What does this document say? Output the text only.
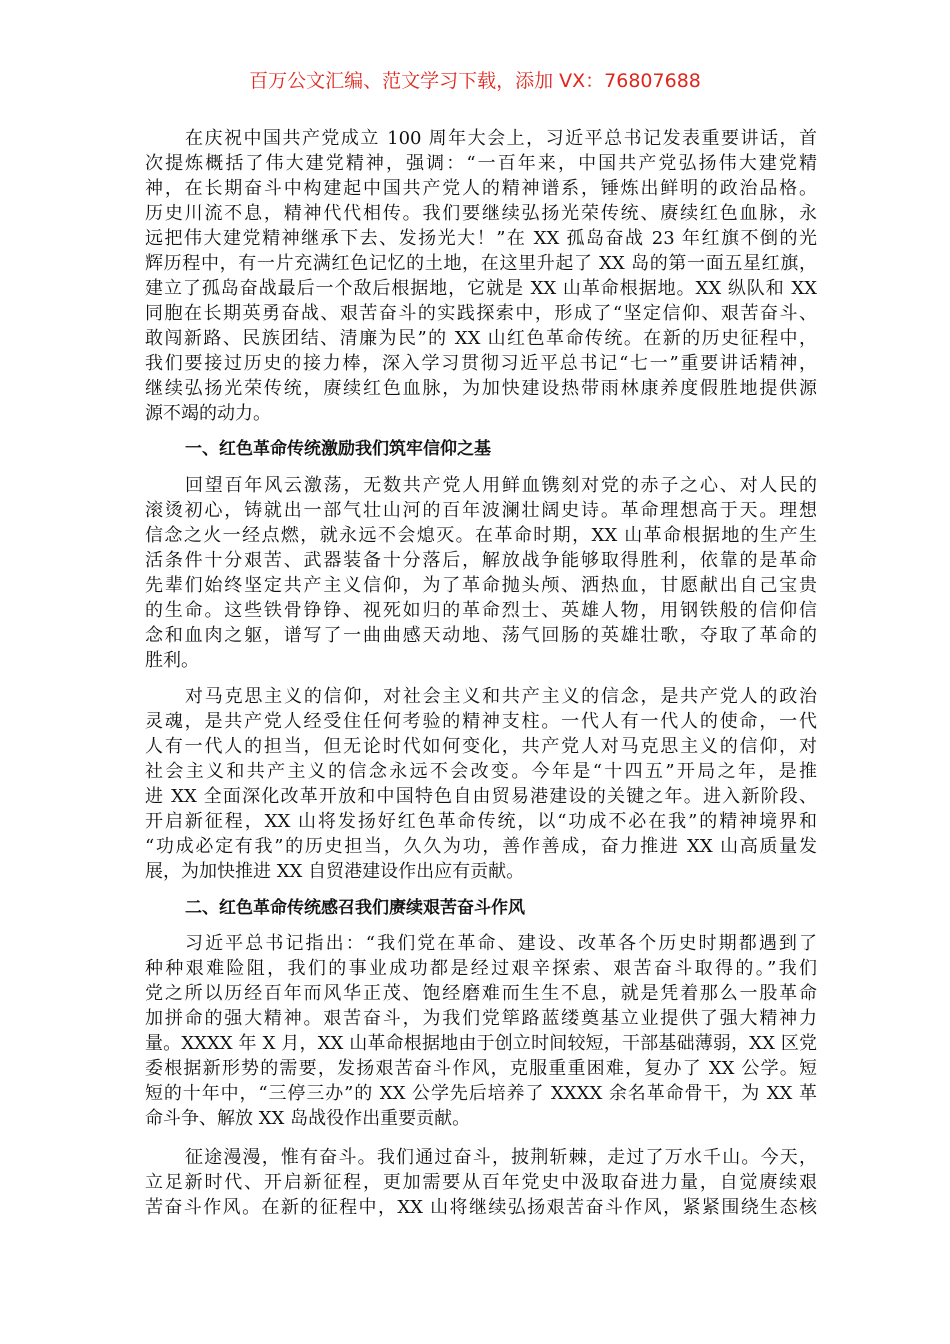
百万公文汇编、范文学习下载，添加 VX：76807688
在庆祝中国共产党成立 100 周年大会上，习近平总书记发表重要讲话，首
次提炼概括了伟大建党精神，强调：“一百年来，中国共产党弘扬伟大建党精
神，在长期奋斗中构建起中国共产党人的精神谱系，锤炼出鲜明的政治品格。
历史川流不息，精神代代相传。我们要继续弘扬光荣传统、赓续红色血脉，永
远把伟大建党精神继承下去、发扬光大！”在 XX 孤岛奋战 23 年红旗不倒的光
辉历程中，有一片充满红色记忆的土地，在这里升起了 XX 岛的第一面五星红旗，
建立了孤岛奋战最后一个敌后根据地，它就是 XX 山革命根据地。XX 纵队和 XX
同胞在长期英勇奋战、艰苦奋斗的实践探索中，形成了“坚定信仰、艰苦奋斗、
敢闯新路、民族团结、清廉为民”的 XX 山红色革命传统。在新的历史征程中，
我们要接过历史的接力棒，深入学习贯彻习近平总书记“七一”重要讲话精神，
继续弘扬光荣传统，赓续红色血脉，为加快建设热带雨林康养度假胜地提供源
源不竭的动力。
一、红色革命传统激励我们筑牢信仰之基
回望百年风云激荡，无数共产党人用鲜血镌刻对党的赤子之心、对人民的
滚烫初心，铸就出一部气壮山河的百年波澜壮阔史诗。革命理想高于天。理想
信念之火一经点燃，就永远不会熄灭。在革命时期，XX 山革命根据地的生产生
活条件十分艰苦、武器装备十分落后，解放战争能够取得胜利，依靠的是革命
先辈们始终坚定共产主义信仰，为了革命抛头颅、洒热血，甘愿献出自己宝贵
的生命。这些铁骨铮铮、视死如归的革命烈士、英雄人物，用钢铁般的信仰信
念和血肉之躯，谱写了一曲曲感天动地、荡气回肠的英雄壮歌，夺取了革命的
胜利。
对马克思主义的信仰，对社会主义和共产主义的信念，是共产党人的政治
灵魂，是共产党人经受住任何考验的精神支柱。一代人有一代人的使命，一代
人有一代人的担当，但无论时代如何变化，共产党人对马克思主义的信仰，对
社会主义和共产主义的信念永远不会改变。今年是“十四五”开局之年，是推
进 XX 全面深化改革开放和中国特色自由贸易港建设的关键之年。进入新阶段、
开启新征程，XX 山将发扬好红色革命传统，以“功成不必在我”的精神境界和
“功成必定有我”的历史担当，久久为功，善作善成，奋力推进 XX 山高质量发
展，为加快推进 XX 自贸港建设作出应有贡献。
二、红色革命传统感召我们赓续艰苦奋斗作风
习近平总书记指出：“我们党在革命、建设、改革各个历史时期都遇到了
种种艰难险阻，我们的事业成功都是经过艰辛探索、艰苦奋斗取得的。”我们
党之所以历经百年而风华正茂、饱经磨难而生生不息，就是凭着那么一股革命
加拼命的强大精神。艰苦奋斗，为我们党筚路蓝缕奠基立业提供了强大精神力
量。XXXX 年 X 月，XX 山革命根据地由于创立时间较短，干部基础薄弱，XX 区党
委根据新形势的需要，发扬艰苦奋斗作风，克服重重困难，复办了 XX 公学。短
短的十年中，“三停三办”的 XX 公学先后培养了 XXXX 余名革命骨干，为 XX 革
命斗争、解放 XX 岛战役作出重要贡献。
征途漫漫，惟有奋斗。我们通过奋斗，披荆斩棘，走过了万水千山。今天，
立足新时代、开启新征程，更加需要从百年党史中汲取奋进力量，自觉赓续艰
苦奋斗作风。在新的征程中，XX 山将继续弘扬艰苦奋斗作风，紧紧围绕生态核
